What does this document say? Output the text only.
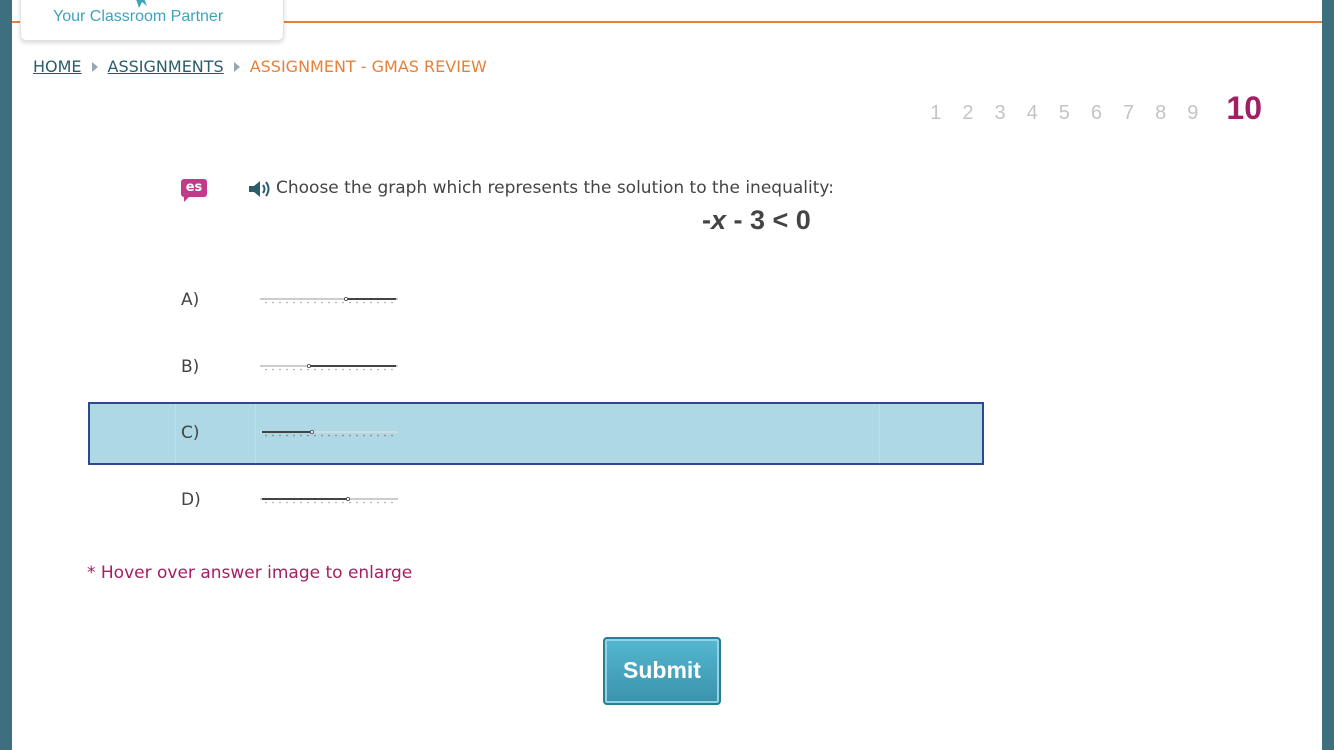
Your Classroom Partner
HOME ASSIGNMENTS ASSIGNMENT - GMAS REVIEW
1 2 3 4 5 6 7 8 9 10
es	Choose the graph which represents the solution to the inequality:
-x - 3 < 0
A)
B)
C)
D)
* Hover over answer image to enlarge
Submit
